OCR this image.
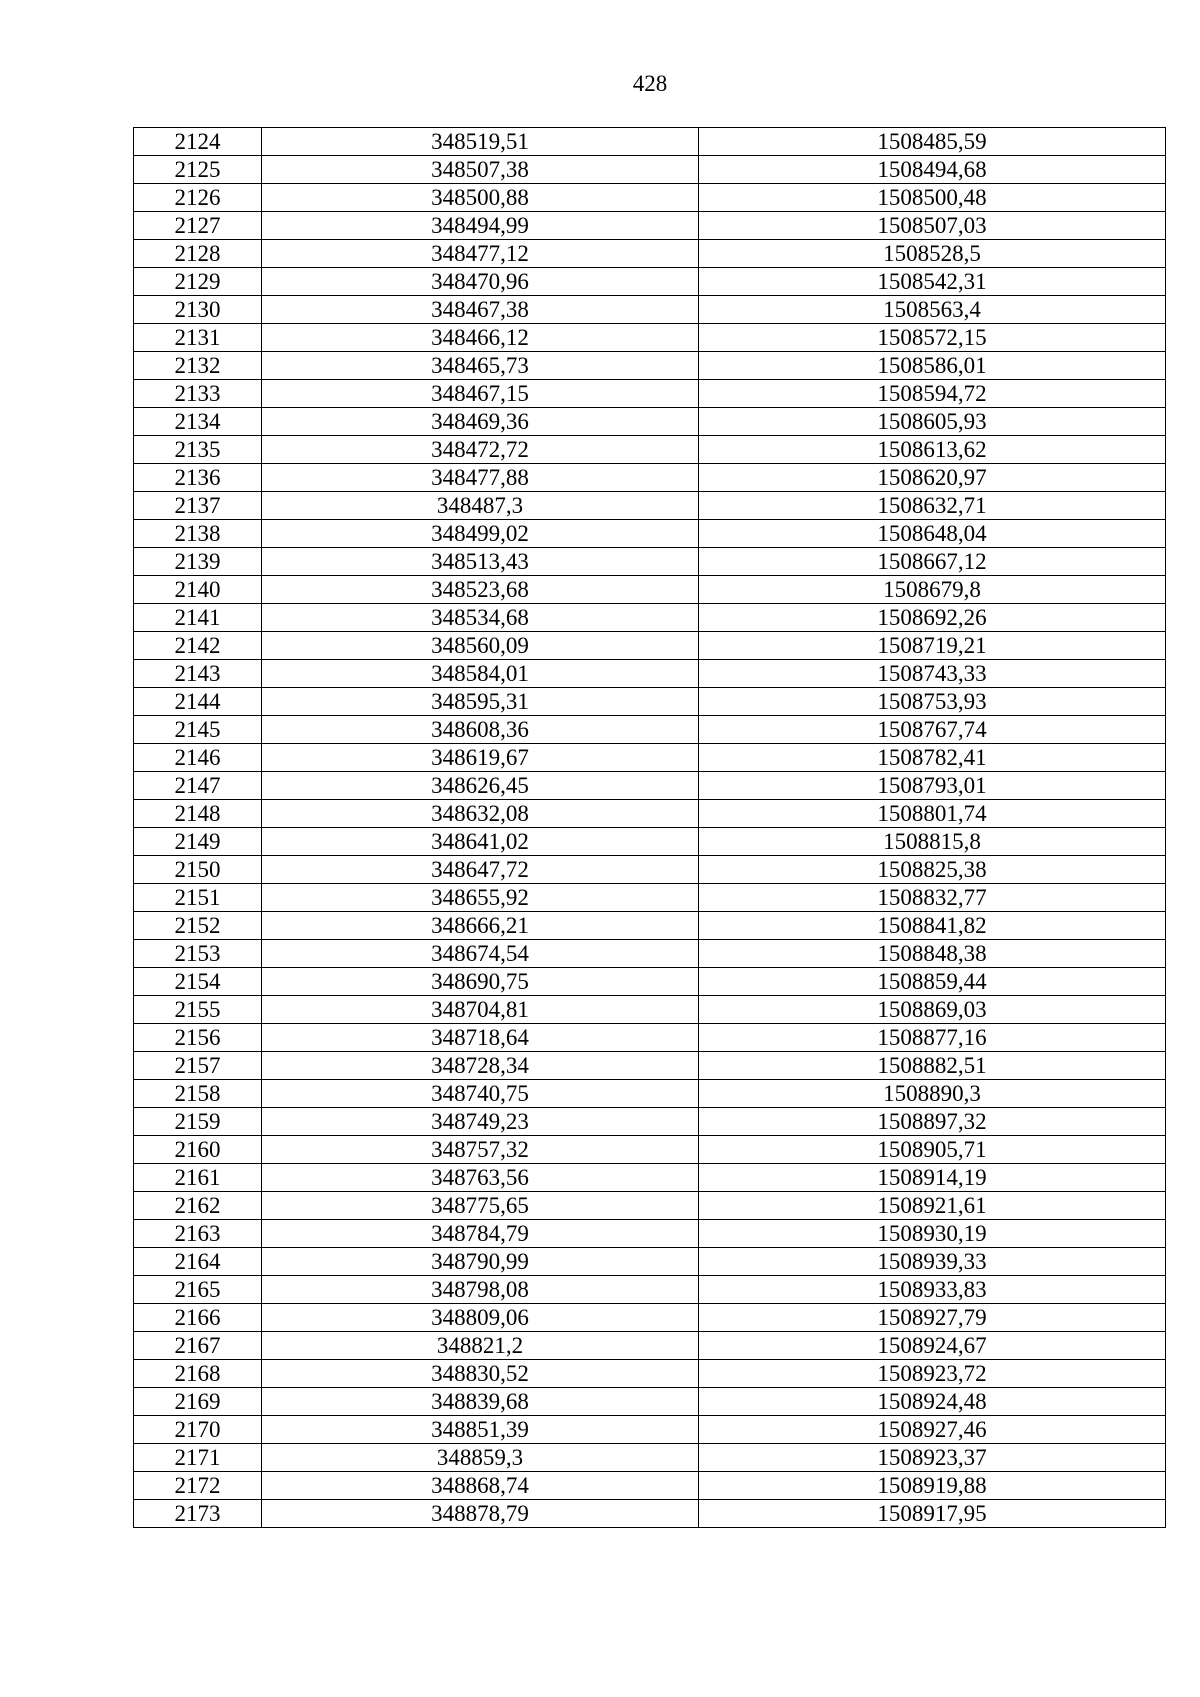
428
2124	348519,51	1508485,59
2125	348507,38	1508494,68
2126	348500,88	1508500,48
2127	348494,99	1508507,03
2128	348477,12	1508528,5
2129	348470,96	1508542,31
2130	348467,38	1508563,4
2131	348466,12	1508572,15
2132	348465,73	1508586,01
2133	348467,15	1508594,72
2134	348469,36	1508605,93
2135	348472,72	1508613,62
2136	348477,88	1508620,97
2137	348487,3	1508632,71
2138	348499,02	1508648,04
2139	348513,43	1508667,12
2140	348523,68	1508679,8
2141	348534,68	1508692,26
2142	348560,09	1508719,21
2143	348584,01	1508743,33
2144	348595,31	1508753,93
2145	348608,36	1508767,74
2146	348619,67	1508782,41
2147	348626,45	1508793,01
2148	348632,08	1508801,74
2149	348641,02	1508815,8
2150	348647,72	1508825,38
2151	348655,92	1508832,77
2152	348666,21	1508841,82
2153	348674,54	1508848,38
2154	348690,75	1508859,44
2155	348704,81	1508869,03
2156	348718,64	1508877,16
2157	348728,34	1508882,51
2158	348740,75	1508890,3
2159	348749,23	1508897,32
2160	348757,32	1508905,71
2161	348763,56	1508914,19
2162	348775,65	1508921,61
2163	348784,79	1508930,19
2164	348790,99	1508939,33
2165	348798,08	1508933,83
2166	348809,06	1508927,79
2167	348821,2	1508924,67
2168	348830,52	1508923,72
2169	348839,68	1508924,48
2170	348851,39	1508927,46
2171	348859,3	1508923,37
2172	348868,74	1508919,88
2173	348878,79	1508917,95
